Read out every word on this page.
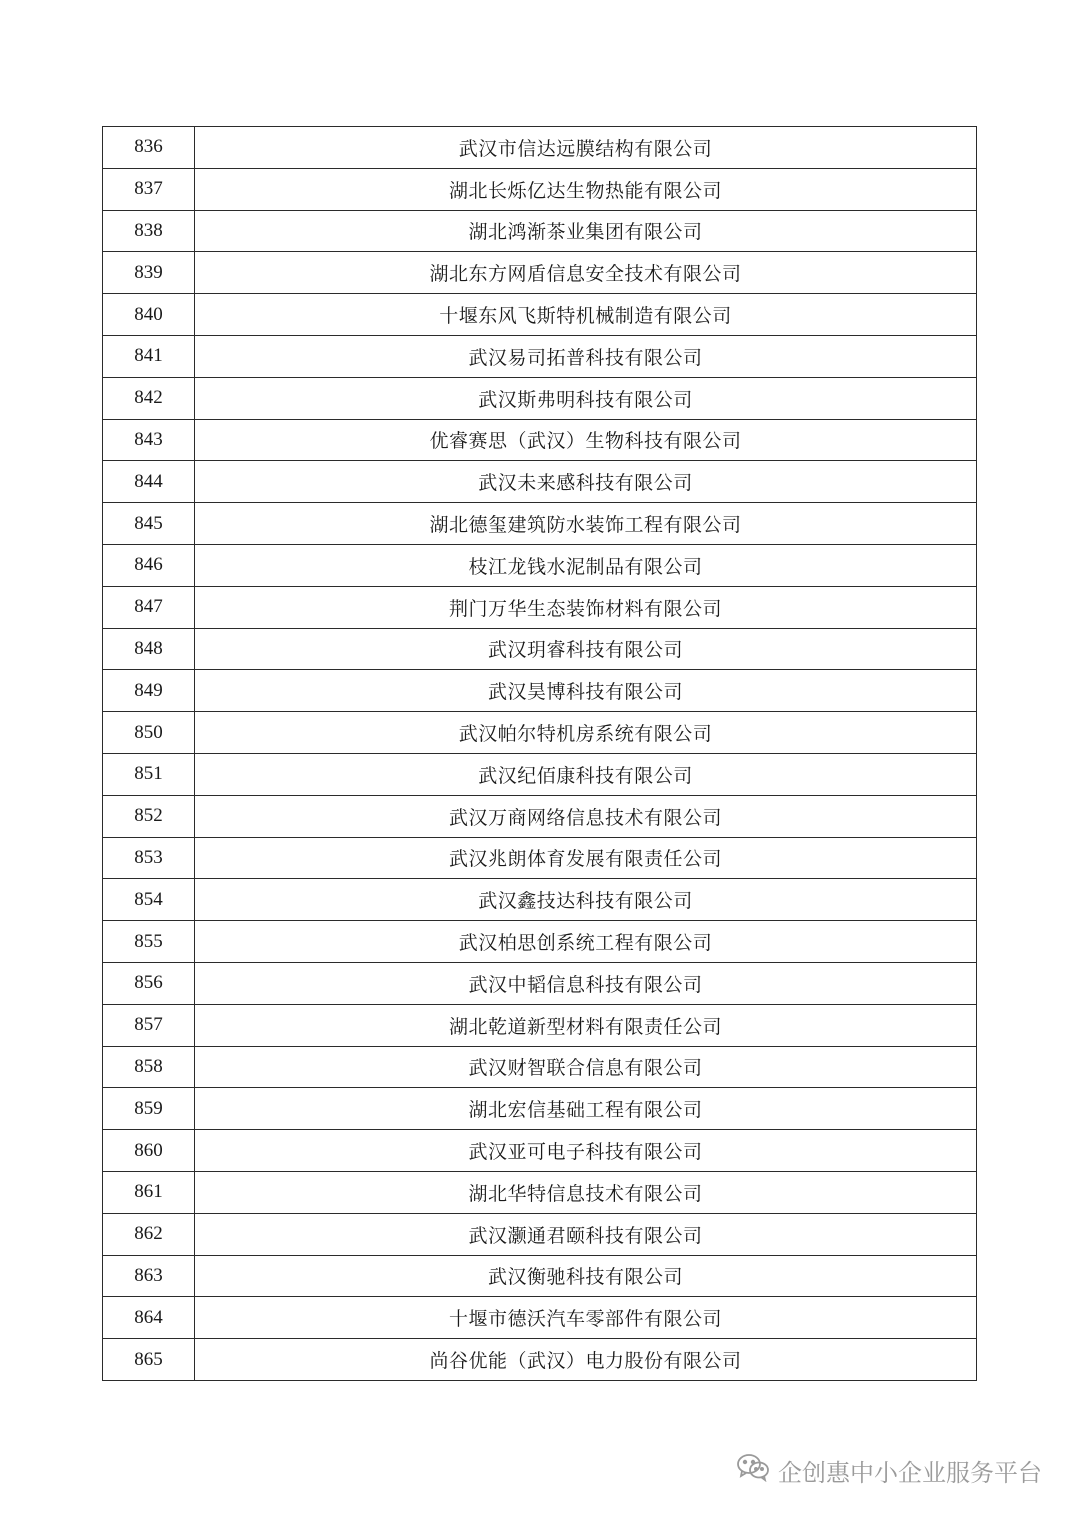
836	武汉市信达远膜结构有限公司
837	湖北长烁亿达生物热能有限公司
838	湖北鸿渐茶业集团有限公司
839	湖北东方网盾信息安全技术有限公司
840	十堰东风飞斯特机械制造有限公司
841	武汉易司拓普科技有限公司
842	武汉斯弗明科技有限公司
843	优睿赛思（武汉）生物科技有限公司
844	武汉未来感科技有限公司
845	湖北德玺建筑防水装饰工程有限公司
846	枝江龙钱水泥制品有限公司
847	荆门万华生态装饰材料有限公司
848	武汉玥睿科技有限公司
849	武汉昊博科技有限公司
850	武汉帕尔特机房系统有限公司
851	武汉纪佰康科技有限公司
852	武汉万商网络信息技术有限公司
853	武汉兆朗体育发展有限责任公司
854	武汉鑫技达科技有限公司
855	武汉柏思创系统工程有限公司
856	武汉中韬信息科技有限公司
857	湖北乾道新型材料有限责任公司
858	武汉财智联合信息有限公司
859	湖北宏信基础工程有限公司
860	武汉亚可电子科技有限公司
861	湖北华特信息技术有限公司
862	武汉灏通君颐科技有限公司
863	武汉衡驰科技有限公司
864	十堰市德沃汽车零部件有限公司
865	尚谷优能（武汉）电力股份有限公司
企创惠中小企业服务平台
